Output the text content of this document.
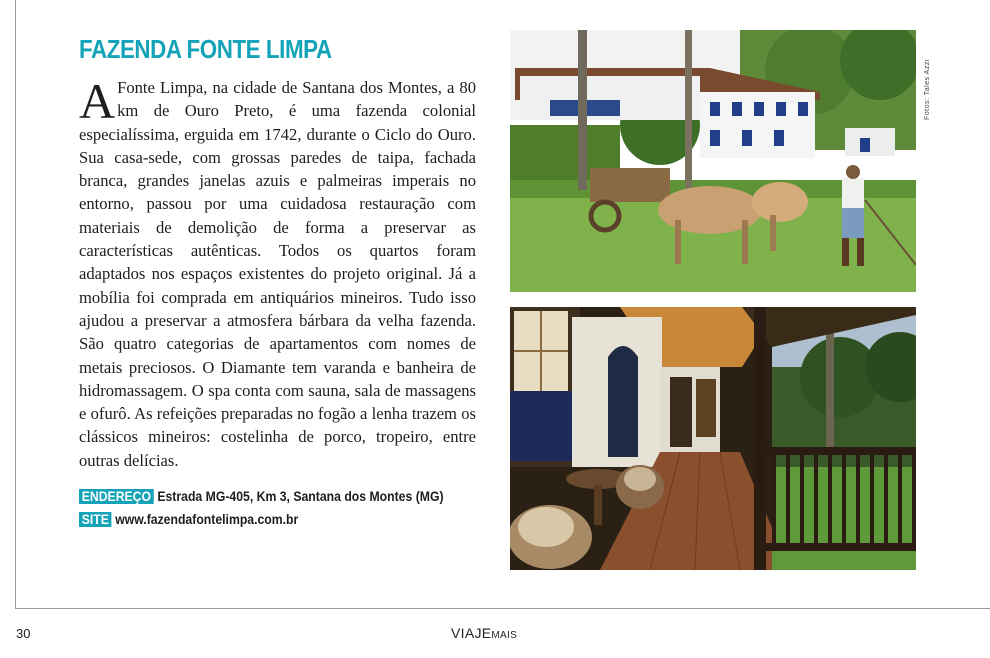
FAZENDA FONTE LIMPA

A Fonte Limpa, na cidade de Santana dos Montes, a 80 km de Ouro Preto, é uma fazenda colonial especialíssima, erguida em 1742, durante o Ciclo do Ouro. Sua casa-sede, com grossas paredes de taipa, fachada branca, grandes janelas azuis e palmeiras imperais no entorno, passou por uma cuidadosa restauração com materiais de demolição de forma a preservar as características autênticas. Todos os quartos foram adaptados nos espaços existentes do projeto original. Já a mobília foi comprada em antiquários mineiros. Tudo isso ajudou a preservar a atmosfera bárbara da velha fazenda. São quatro categorias de apartamentos com nomes de metais preciosos. O Diamante tem varanda e banheira de hidromassagem. O spa conta com sauna, sala de massagens e ofurô. As refeições preparadas no fogão a lenha trazem os clássicos mineiros: costelinha de porco, tropeiro, entre outras delícias.

ENDEREÇO Estrada MG-405, Km 3, Santana dos Montes (MG)
SITE www.fazendafontelimpa.com.br
Fotos: Tales Azzi
30	VIAJEMAIS
